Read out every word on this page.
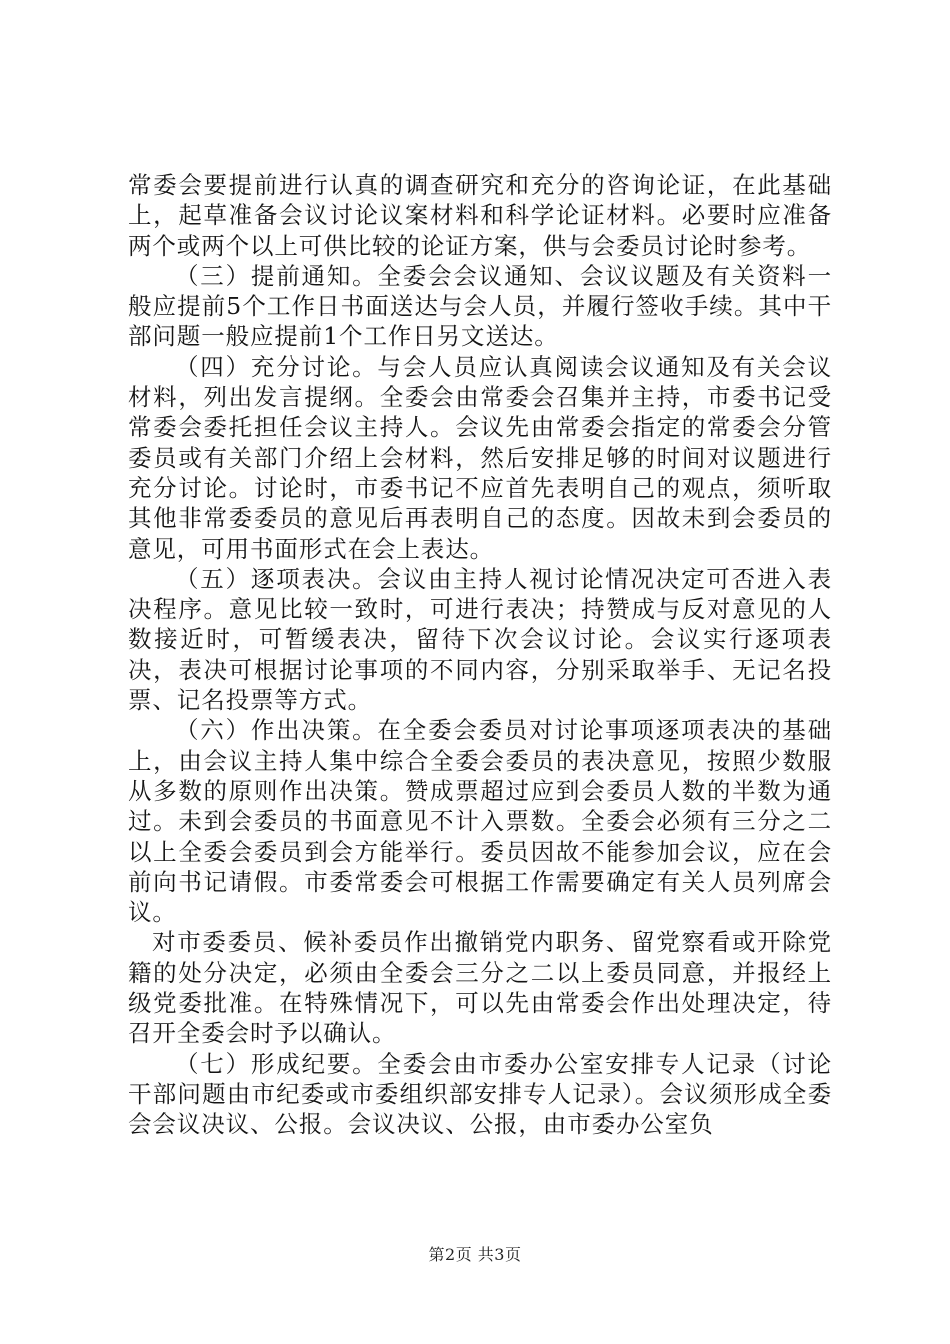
常委会要提前进行认真的调查研究和充分的咨询论证，在此基础上，起草准备会议讨论议案材料和科学论证材料。必要时应准备两个或两个以上可供比较的论证方案，供与会委员讨论时参考。

（三）提前通知。全委会会议通知、会议议题及有关资料一般应提前5个工作日书面送达与会人员，并履行签收手续。其中干部问题一般应提前1个工作日另文送达。

（四）充分讨论。与会人员应认真阅读会议通知及有关会议材料，列出发言提纲。全委会由常委会召集并主持，市委书记受常委会委托担任会议主持人。会议先由常委会指定的常委会分管委员或有关部门介绍上会材料，然后安排足够的时间对议题进行充分讨论。讨论时，市委书记不应首先表明自己的观点，须听取其他非常委委员的意见后再表明自己的态度。因故未到会委员的意见，可用书面形式在会上表达。

（五）逐项表决。会议由主持人视讨论情况决定可否进入表决程序。意见比较一致时，可进行表决；持赞成与反对意见的人数接近时，可暂缓表决，留待下次会议讨论。会议实行逐项表决，表决可根据讨论事项的不同内容，分别采取举手、无记名投票、记名投票等方式。

（六）作出决策。在全委会委员对讨论事项逐项表决的基础上，由会议主持人集中综合全委会委员的表决意见，按照少数服从多数的原则作出决策。赞成票超过应到会委员人数的半数为通过。未到会委员的书面意见不计入票数。全委会必须有三分之二以上全委会委员到会方能举行。委员因故不能参加会议，应在会前向书记请假。市委常委会可根据工作需要确定有关人员列席会议。

对市委委员、候补委员作出撤销党内职务、留党察看或开除党籍的处分决定，必须由全委会三分之二以上委员同意，并报经上级党委批准。在特殊情况下，可以先由常委会作出处理决定，待召开全委会时予以确认。

（七）形成纪要。全委会由市委办公室安排专人记录（讨论干部问题由市纪委或市委组织部安排专人记录）。会议须形成全委会会议决议、公报。会议决议、公报，由市委办公室负

第2页 共3页
